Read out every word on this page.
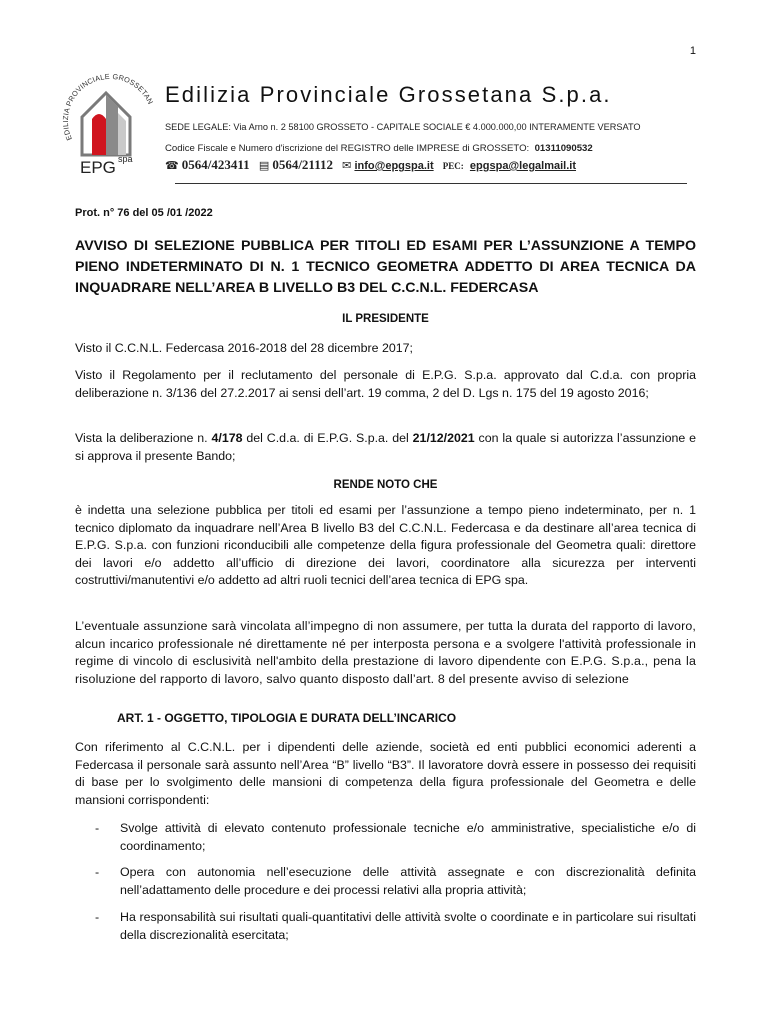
1
EDILIZIA PROVINCIALE GROSSETAN
EPG spa
Edilizia Provinciale Grossetana S.p.a.
SEDE LEGALE: Via Arno n. 2 58100 GROSSETO - CAPITALE SOCIALE € 4.000.000,00 INTERAMENTE VERSATO
Codice Fiscale e Numero d'iscrizione del REGISTRO delle IMPRESE di GROSSETO: 01311090532
☎ 0564/423411 ▤ 0564/21112 ✉ info@epgspa.it PEC: epgspa@legalmail.it
Prot. n° 76 del 05 /01 /2022
AVVISO DI SELEZIONE PUBBLICA PER TITOLI ED ESAMI PER L’ASSUNZIONE A TEMPO PIENO INDETERMINATO DI N. 1 TECNICO GEOMETRA ADDETTO DI AREA TECNICA DA INQUADRARE NELL’AREA B LIVELLO B3 DEL C.C.N.L. FEDERCASA
IL PRESIDENTE
Visto il C.C.N.L. Federcasa 2016-2018 del 28 dicembre 2017;
Visto il Regolamento per il reclutamento del personale di E.P.G. S.p.a. approvato dal C.d.a. con propria deliberazione n. 3/136 del 27.2.2017 ai sensi dell’art. 19 comma, 2 del D. Lgs n. 175 del 19 agosto 2016;
Vista la deliberazione n. 4/178 del C.d.a. di E.P.G. S.p.a. del 21/12/2021 con la quale si autorizza l’assunzione e si approva il presente Bando;
RENDE NOTO CHE
è indetta una selezione pubblica per titoli ed esami per l’assunzione a tempo pieno indeterminato, per n. 1 tecnico diplomato da inquadrare nell’Area B livello B3 del C.C.N.L. Federcasa e da destinare all’area tecnica di E.P.G. S.p.a. con funzioni riconducibili alle competenze della figura professionale del Geometra quali: direttore dei lavori e/o addetto all’ufficio di direzione dei lavori, coordinatore alla sicurezza per interventi costruttivi/manutentivi e/o addetto ad altri ruoli tecnici dell’area tecnica di EPG spa.
L’eventuale assunzione sarà vincolata all’impegno di non assumere, per tutta la durata del rapporto di lavoro, alcun incarico professionale né direttamente né per interposta persona e a svolgere l'attività professionale in regime di vincolo di esclusività nell'ambito della prestazione di lavoro dipendente con E.P.G. S.p.a., pena la risoluzione del rapporto di lavoro, salvo quanto disposto dall’art. 8 del presente avviso di selezione
ART. 1 - OGGETTO, TIPOLOGIA E DURATA DELL’INCARICO
Con riferimento al C.C.N.L. per i dipendenti delle aziende, società ed enti pubblici economici aderenti a Federcasa il personale sarà assunto nell’Area “B” livello “B3”. Il lavoratore dovrà essere in possesso dei requisiti di base per lo svolgimento delle mansioni di competenza della figura professionale del Geometra e delle mansioni corrispondenti:
- Svolge attività di elevato contenuto professionale tecniche e/o amministrative, specialistiche e/o di coordinamento;
- Opera con autonomia nell’esecuzione delle attività assegnate e con discrezionalità definita nell’adattamento delle procedure e dei processi relativi alla propria attività;
- Ha responsabilità sui risultati quali-quantitativi delle attività svolte o coordinate e in particolare sui risultati della discrezionalità esercitata;
